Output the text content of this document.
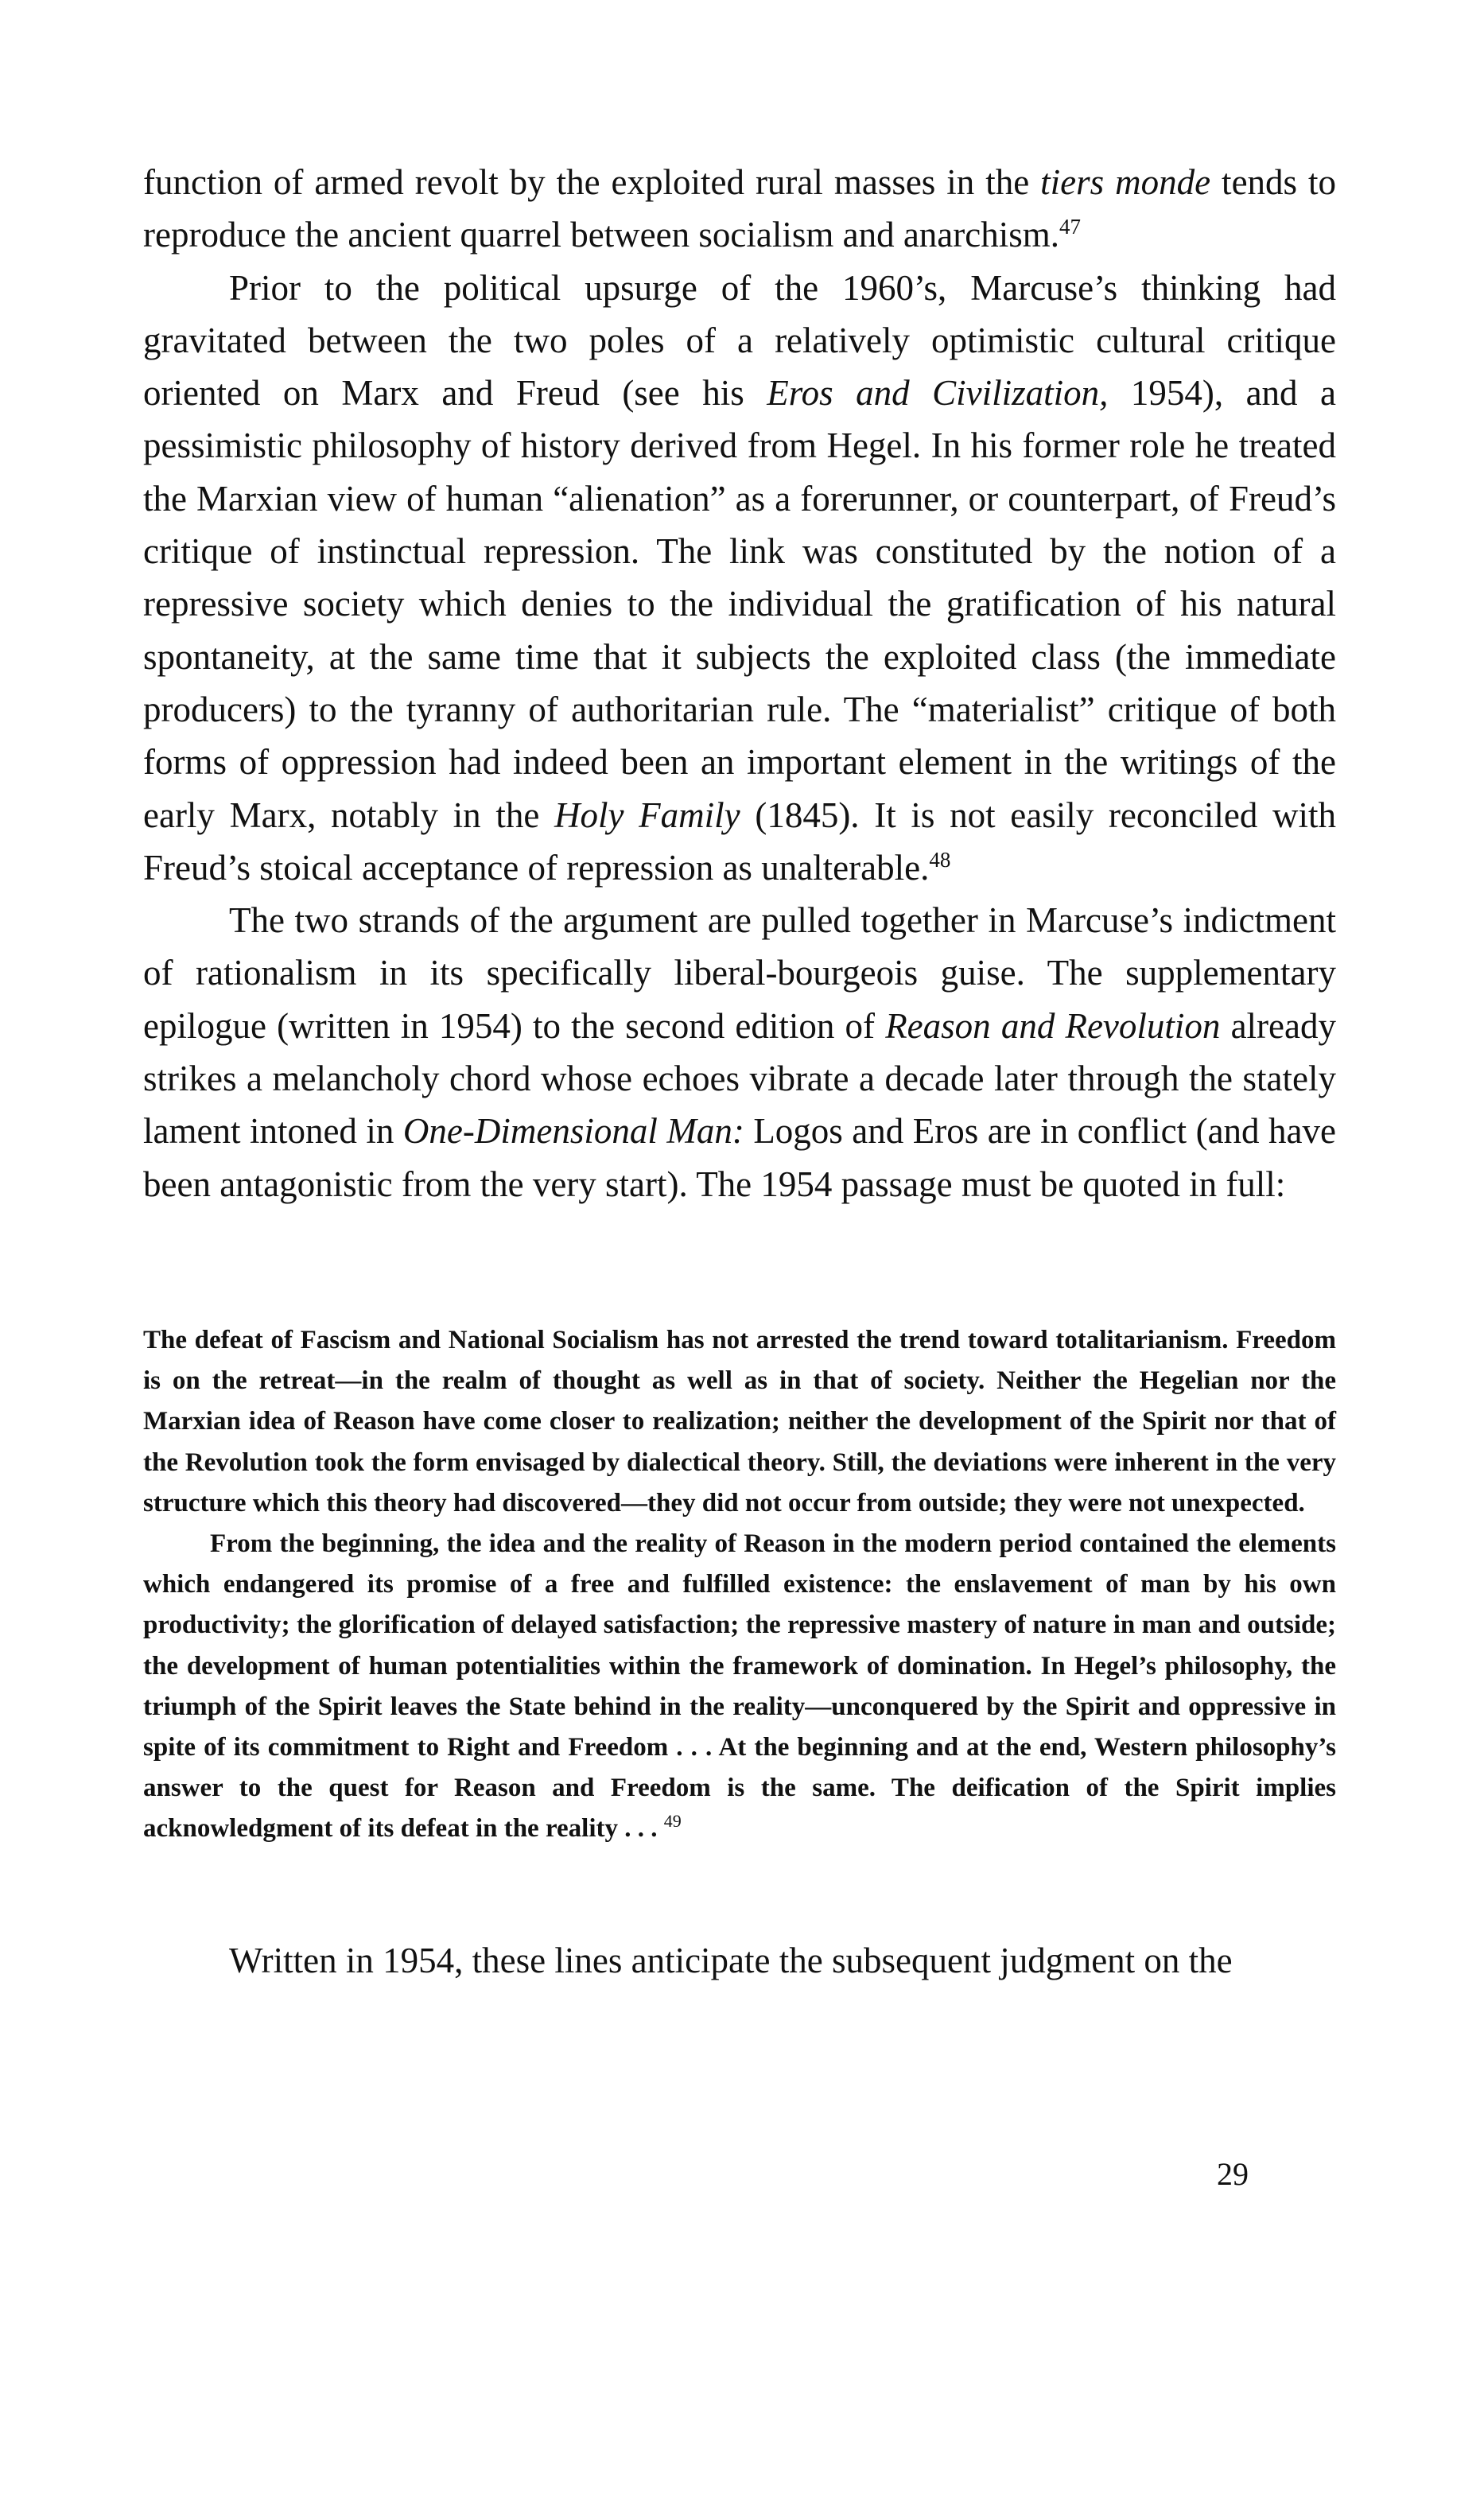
function of armed revolt by the exploited rural masses in the tiers monde tends to reproduce the ancient quarrel between socialism and anarchism.$^{47}$

Prior to the political upsurge of the 1960’s, Marcuse’s thinking had gravitated between the two poles of a relatively optimistic cultural critique oriented on Marx and Freud (see his Eros and Civilization, 1954), and a pessimistic philosophy of history derived from Hegel. In his former role he treated the Marxian view of human “alienation” as a forerunner, or counterpart, of Freud’s critique of instinctual repression. The link was constituted by the notion of a repressive society which denies to the individual the gratification of his natural spontaneity, at the same time that it subjects the exploited class (the immediate producers) to the tyranny of authoritarian rule. The “materialist” critique of both forms of oppression had indeed been an important element in the writings of the early Marx, notably in the Holy Family (1845). It is not easily reconciled with Freud’s stoical acceptance of repression as unalterable.$^{48}$

The two strands of the argument are pulled together in Marcuse’s indictment of rationalism in its specifically liberal-bourgeois guise. The supplementary epilogue (written in 1954) to the second edition of Reason and Revolution already strikes a melancholy chord whose echoes vibrate a decade later through the stately lament intoned in One-Dimensional Man: Logos and Eros are in conflict (and have been antagonistic from the very start). The 1954 passage must be quoted in full:

The defeat of Fascism and National Socialism has not arrested the trend toward totalitarianism. Freedom is on the retreat—in the realm of thought as well as in that of society. Neither the Hegelian nor the Marxian idea of Reason have come closer to realization; neither the development of the Spirit nor that of the Revolution took the form envisaged by dialectical theory. Still, the deviations were inherent in the very structure which this theory had discovered—they did not occur from outside; they were not unexpected.

From the beginning, the idea and the reality of Reason in the modern period contained the elements which endangered its promise of a free and fulfilled existence: the enslavement of man by his own productivity; the glorification of delayed satisfaction; the repressive mastery of nature in man and outside; the development of human potentialities within the framework of domination. In Hegel’s philosophy, the triumph of the Spirit leaves the State behind in the reality—unconquered by the Spirit and oppressive in spite of its commitment to Right and Freedom . . . At the beginning and at the end, Western philosophy’s answer to the quest for Reason and Freedom is the same. The deification of the Spirit implies acknowledgment of its defeat in the reality . . . $^{49}$

Written in 1954, these lines anticipate the subsequent judgment on the

29
